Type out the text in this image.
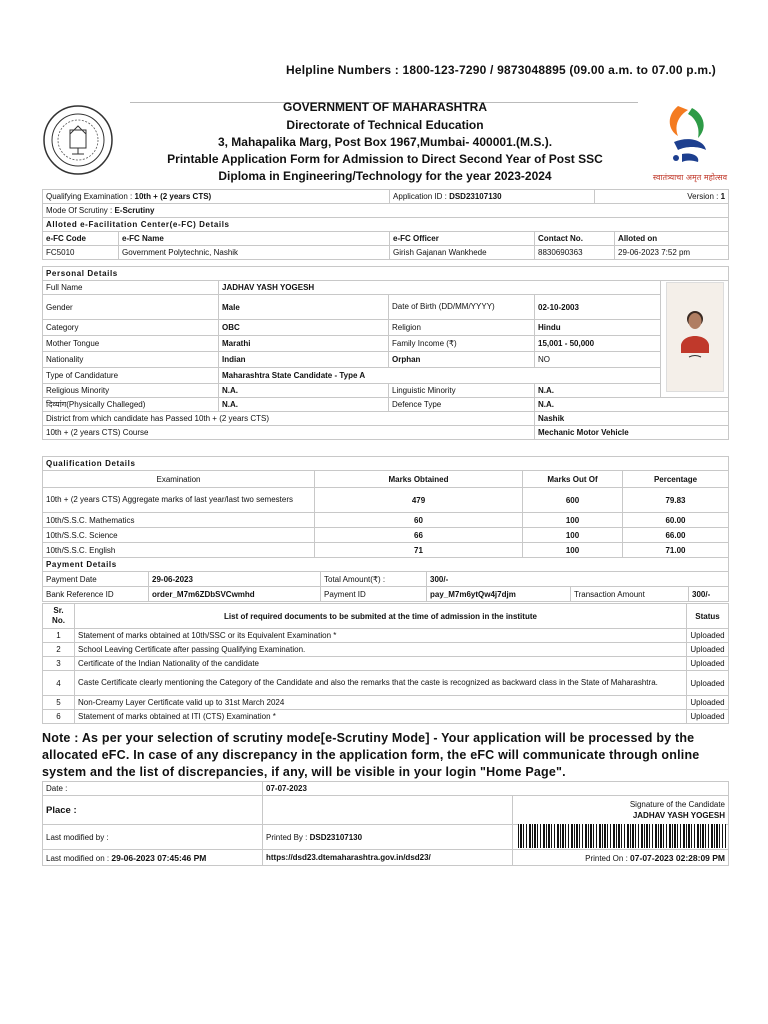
Helpline Numbers : 1800-123-7290 / 9873048895 (09.00 a.m. to 07.00 p.m.)
GOVERNMENT OF MAHARASHTRA
Directorate of Technical Education
3, Mahapalika Marg, Post Box 1967,Mumbai- 400001.(M.S.).
Printable Application Form for Admission to Direct Second Year of Post SSC
Diploma in Engineering/Technology for the year 2023-2024	स्वातंत्र्याचा अमृत महोत्सव
Qualifying Examination : 10th + (2 years CTS)		Application ID : DSD23107130		Version : 1	
Mode Of Scrutiny : E-Scrutiny					
Alloted e-Facilitation Center(e-FC) Details					
e-FC Code	e-FC Name	e-FC Officer	Contact No.		Alloted on
FC5010	Government Polytechnic, Nashik	Girish Gajanan Wankhede	8830690363		29-06-2023 7:52 pm
Personal Details				
Full Name	JADHAV YASH YOGESH			
Gender	Male	Date of Birth (DD/MM/YYYY)	02-10-2003	
Category	OBC	Religion	Hindu	
Mother Tongue	Marathi	Family Income (₹)	15,001 - 50,000	
Nationality	Indian	Orphan	NO	
Type of Candidature	Maharashtra State Candidate - Type A			
Religious Minority	N.A.	Linguistic Minority	N.A.	
दिव्यांग(Physically Challeged)	N.A.	Defence Type	N.A.	
District from which candidate has Passed 10th + (2 years CTS)			Nashik	
10th + (2 years CTS) Course			Mechanic Motor Vehicle	
Qualification Details			
Examination	Marks Obtained	Marks Out Of	Percentage
10th + (2 years CTS) Aggregate marks of last year/last two semesters	479	600	79.83
10th/S.S.C. Mathematics	60	100	60.00
10th/S.S.C. Science	66	100	66.00
10th/S.S.C. English	71	100	71.00
Payment Details					
Payment Date	29-06-2023	Total Amount(₹) :	300/-		
Bank Reference ID	order_M7m6ZDbSVCwmhd	Payment ID	pay_M7m6ytQw4j7djm	Transaction Amount	300/-
Sr. No.	List of required documents to be submited at the time of admission in the institute	Status
1	Statement of marks obtained at 10th/SSC or its Equivalent Examination *	Uploaded
2	School Leaving Certificate after passing Qualifying Examination.	Uploaded
3	Certificate of the Indian Nationality of the candidate	Uploaded
4	Caste Certificate clearly mentioning the Category of the Candidate and also the remarks that the caste is recognized as backward class in the State of Maharashtra.	Uploaded
5	Non-Creamy Layer Certificate valid up to 31st March 2024	Uploaded
6	Statement of marks obtained at ITI (CTS) Examination *	Uploaded
Note : As per your selection of scrutiny mode[e-Scrutiny Mode] - Your application will be processed by the allocated eFC. In case of any discrepancy in the application form, the eFC will communicate through online system and the list of discrepancies, if any, will be visible in your login "Home Page".
Date :	07-07-2023	
Place :		Signature of the Candidate
JADHAV YASH YOGESH

Last modified by :	Printed By : DSD23107130	
Last modified on : 29-06-2023 07:45:46 PM	https://dsd23.dtemaharashtra.gov.in/dsd23/	Printed On : 07-07-2023 02:28:09 PM
